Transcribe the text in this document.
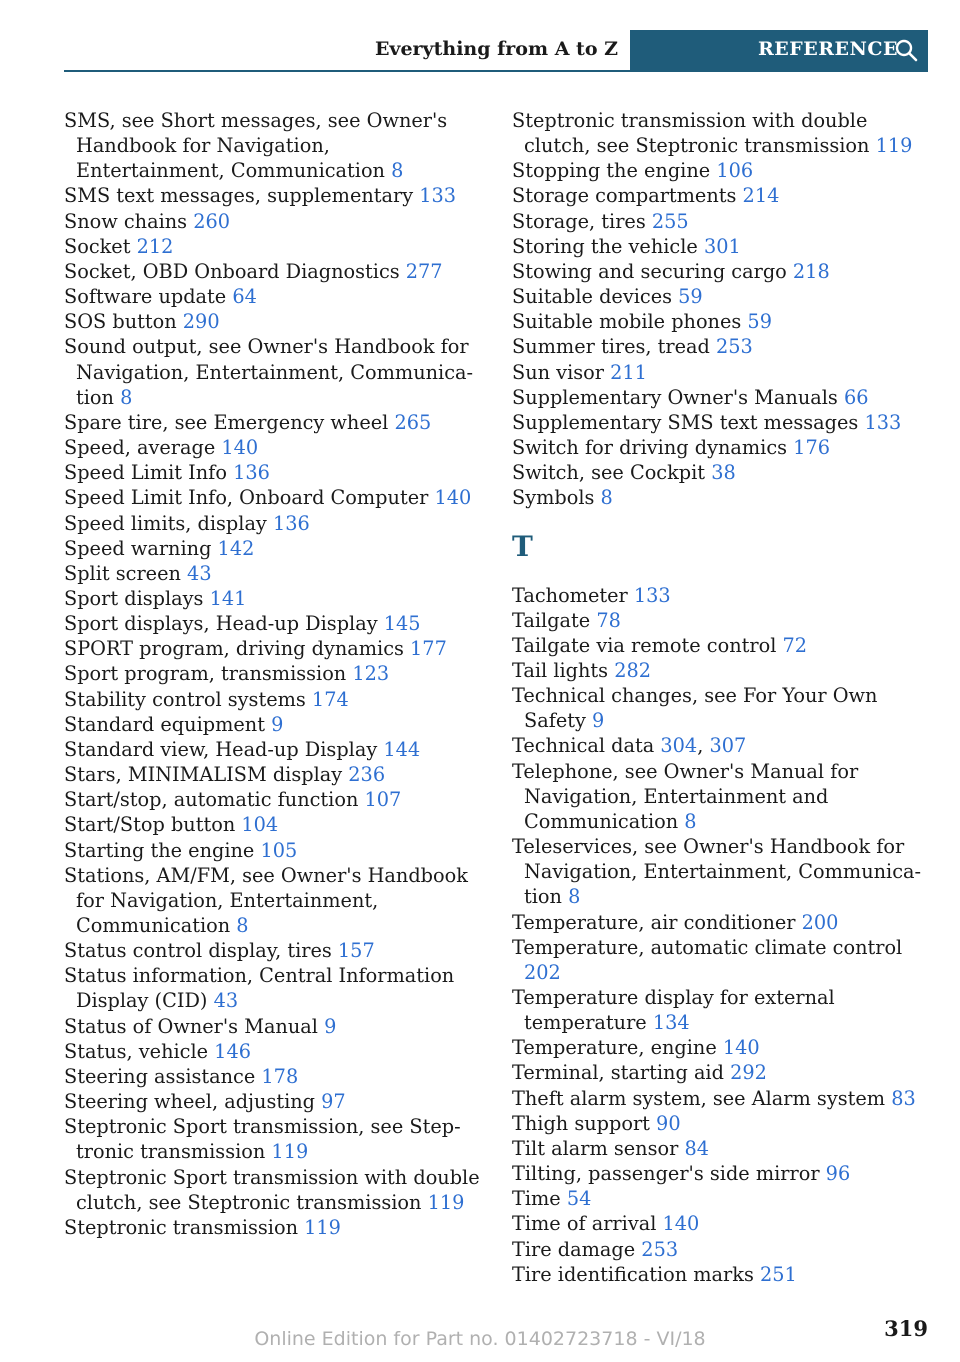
Everything from A to Z	REFERENCE
SMS, see Short messages, see Owner's Handbook for Navigation, Entertainment, Communication 8
SMS text messages, supplementary 133
Snow chains 260
Socket 212
Socket, OBD Onboard Diagnostics 277
Software update 64
SOS button 290
Sound output, see Owner's Handbook for Navigation, Entertainment, Communication 8
Spare tire, see Emergency wheel 265
Speed, average 140
Speed Limit Info 136
Speed Limit Info, Onboard Computer 140
Speed limits, display 136
Speed warning 142
Split screen 43
Sport displays 141
Sport displays, Head-up Display 145
SPORT program, driving dynamics 177
Sport program, transmission 123
Stability control systems 174
Standard equipment 9
Standard view, Head-up Display 144
Stars, MINIMALISM display 236
Start/stop, automatic function 107
Start/Stop button 104
Starting the engine 105
Stations, AM/FM, see Owner's Handbook for Navigation, Entertainment, Communication 8
Status control display, tires 157
Status information, Central Information Display (CID) 43
Status of Owner's Manual 9
Status, vehicle 146
Steering assistance 178
Steering wheel, adjusting 97
Steptronic Sport transmission, see Steptronic transmission 119
Steptronic Sport transmission with double clutch, see Steptronic transmission 119
Steptronic transmission 119
Steptronic transmission with double clutch, see Steptronic transmission 119
Stopping the engine 106
Storage compartments 214
Storage, tires 255
Storing the vehicle 301
Stowing and securing cargo 218
Suitable devices 59
Suitable mobile phones 59
Summer tires, tread 253
Sun visor 211
Supplementary Owner's Manuals 66
Supplementary SMS text messages 133
Switch for driving dynamics 176
Switch, see Cockpit 38
Symbols 8
T
Tachometer 133
Tailgate 78
Tailgate via remote control 72
Tail lights 282
Technical changes, see For Your Own Safety 9
Technical data 304, 307
Telephone, see Owner's Manual for Navigation, Entertainment and Communication 8
Teleservices, see Owner's Handbook for Navigation, Entertainment, Communication 8
Temperature, air conditioner 200
Temperature, automatic climate control 202
Temperature display for external temperature 134
Temperature, engine 140
Terminal, starting aid 292
Theft alarm system, see Alarm system 83
Thigh support 90
Tilt alarm sensor 84
Tilting, passenger's side mirror 96
Time 54
Time of arrival 140
Tire damage 253
Tire identification marks 251
319
Online Edition for Part no. 01402723718 - VI/18
